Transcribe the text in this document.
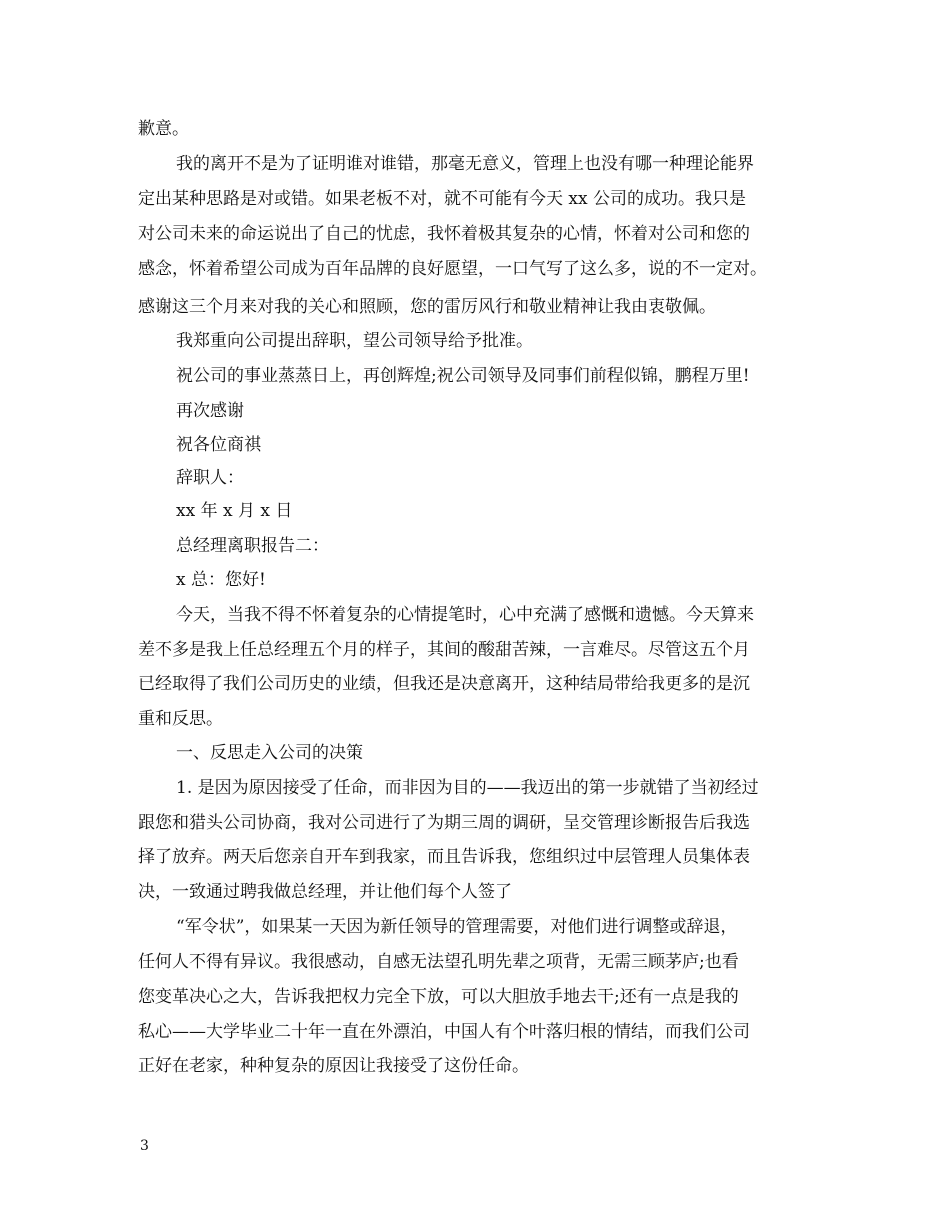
歉意。
我的离开不是为了证明谁对谁错，那毫无意义，管理上也没有哪一种理论能界
定出某种思路是对或错。如果老板不对，就不可能有今天 xx 公司的成功。我只是
对公司未来的命运说出了自己的忧虑，我怀着极其复杂的心情，怀着对公司和您的
感念，怀着希望公司成为百年品牌的良好愿望，一口气写了这么多，说的不一定对。
感谢这三个月来对我的关心和照顾，您的雷厉风行和敬业精神让我由衷敬佩。
我郑重向公司提出辞职，望公司领导给予批准。
祝公司的事业蒸蒸日上，再创辉煌;祝公司领导及同事们前程似锦，鹏程万里!
再次感谢
祝各位商祺
辞职人：
xx 年 x 月 x 日
总经理离职报告二：
x 总：您好!
今天，当我不得不怀着复杂的心情提笔时，心中充满了感慨和遗憾。今天算来
差不多是我上任总经理五个月的样子，其间的酸甜苦辣，一言难尽。尽管这五个月
已经取得了我们公司历史的业绩，但我还是决意离开，这种结局带给我更多的是沉
重和反思。
一、反思走入公司的决策
1. 是因为原因接受了任命，而非因为目的——我迈出的第一步就错了当初经过
跟您和猎头公司协商，我对公司进行了为期三周的调研，呈交管理诊断报告后我选
择了放弃。两天后您亲自开车到我家，而且告诉我，您组织过中层管理人员集体表
决，一致通过聘我做总经理，并让他们每个人签了
“军令状”，如果某一天因为新任领导的管理需要，对他们进行调整或辞退，
任何人不得有异议。我很感动，自感无法望孔明先辈之项背，无需三顾茅庐;也看
您变革决心之大，告诉我把权力完全下放，可以大胆放手地去干;还有一点是我的
私心——大学毕业二十年一直在外漂泊，中国人有个叶落归根的情结，而我们公司
正好在老家，种种复杂的原因让我接受了这份任命。
3
